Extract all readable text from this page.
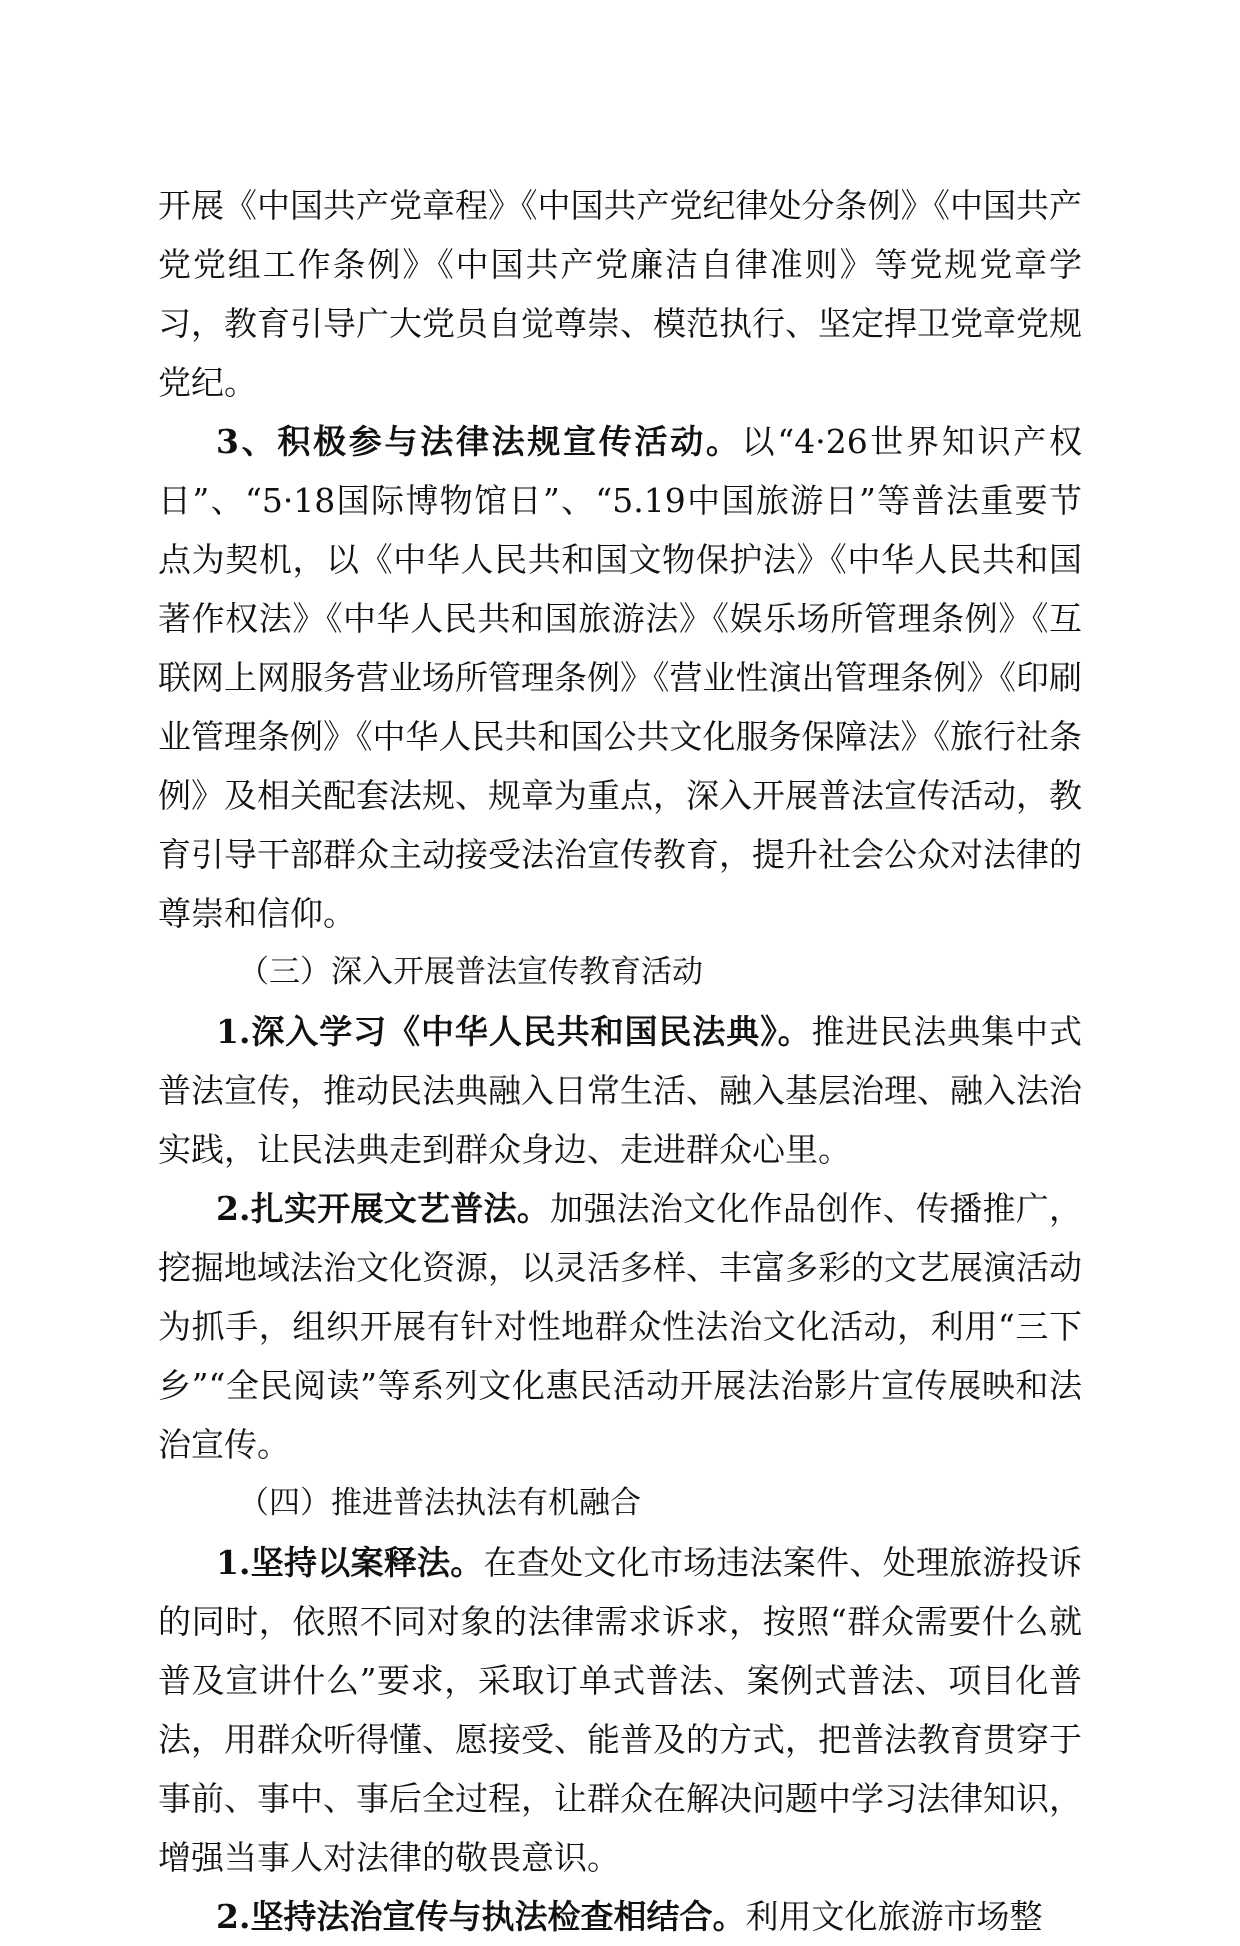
开展《中国共产党章程》《中国共产党纪律处分条例》《中国共产党党组工作条例》《中国共产党廉洁自律准则》等党规党章学习，教育引导广大党员自觉尊崇、模范执行、坚定捍卫党章党规党纪。

3、积极参与法律法规宣传活动。以“4·26世界知识产权日”、“5·18国际博物馆日”、“5.19中国旅游日”等普法重要节点为契机，以《中华人民共和国文物保护法》《中华人民共和国著作权法》《中华人民共和国旅游法》《娱乐场所管理条例》《互联网上网服务营业场所管理条例》《营业性演出管理条例》《印刷业管理条例》《中华人民共和国公共文化服务保障法》《旅行社条例》及相关配套法规、规章为重点，深入开展普法宣传活动，教育引导干部群众主动接受法治宣传教育，提升社会公众对法律的尊崇和信仰。

（三）深入开展普法宣传教育活动

1.深入学习《中华人民共和国民法典》。推进民法典集中式普法宣传，推动民法典融入日常生活、融入基层治理、融入法治实践，让民法典走到群众身边、走进群众心里。

2.扎实开展文艺普法。加强法治文化作品创作、传播推广，挖掘地域法治文化资源，以灵活多样、丰富多彩的文艺展演活动为抓手，组织开展有针对性地群众性法治文化活动，利用“三下乡”“全民阅读”等系列文化惠民活动开展法治影片宣传展映和法治宣传。

（四）推进普法执法有机融合

1.坚持以案释法。在查处文化市场违法案件、处理旅游投诉的同时，依照不同对象的法律需求诉求，按照“群众需要什么就普及宣讲什么”要求，采取订单式普法、案例式普法、项目化普法，用群众听得懂、愿接受、能普及的方式，把普法教育贯穿于事前、事中、事后全过程，让群众在解决问题中学习法律知识，增强当事人对法律的敬畏意识。

2.坚持法治宣传与执法检查相结合。利用文化旅游市场整
